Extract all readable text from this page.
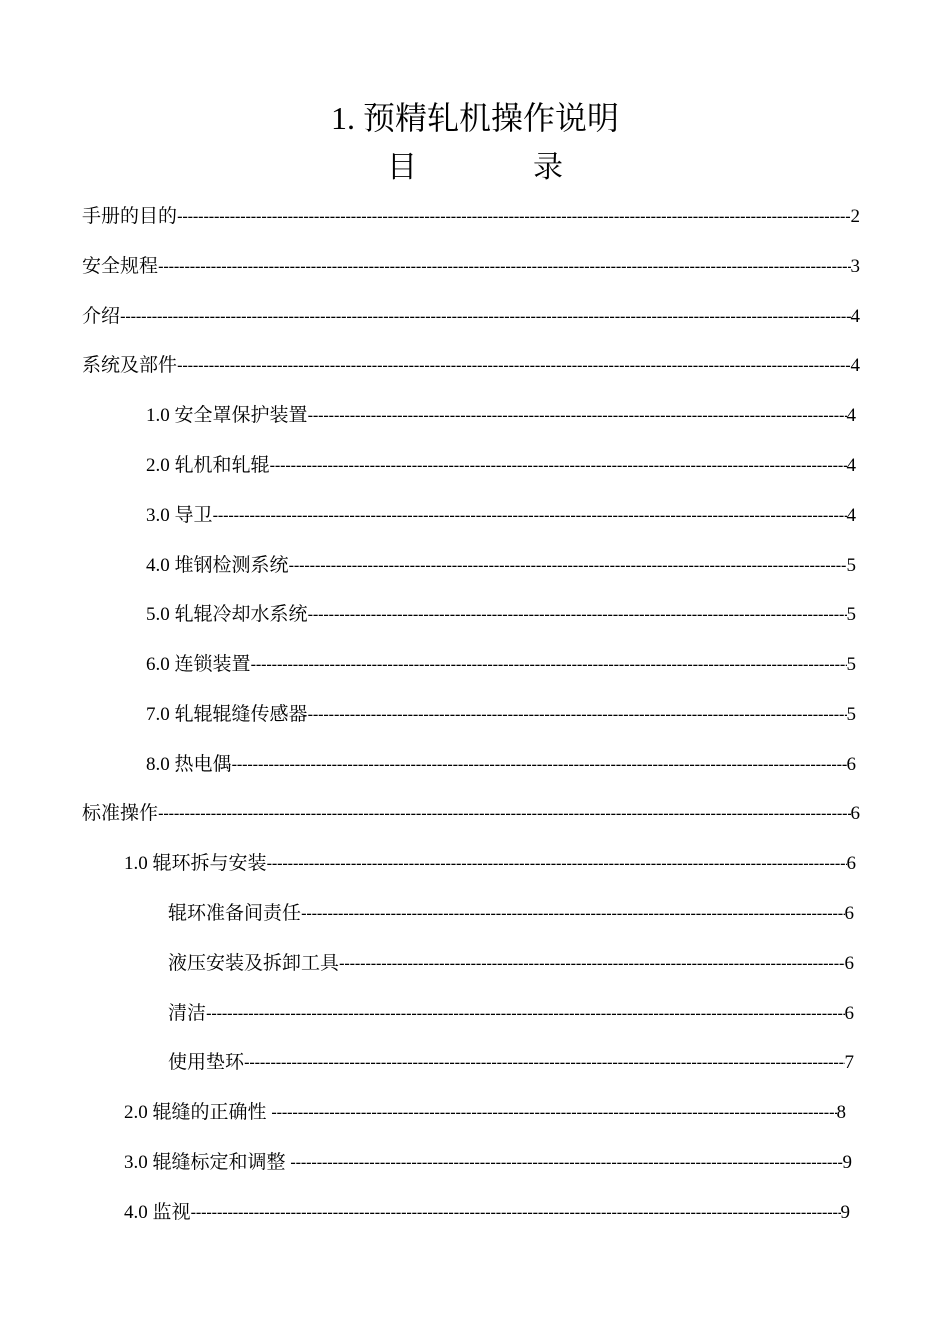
1. 预精轧机操作说明
目	录
手册的目的 -----	2
安全规程 -----	3
介绍 -----	4
系统及部件 -----	4
1.0 安全罩保护装置 -----	4
2.0 轧机和轧辊 -----	4
3.0 导卫 -----	4
4.0 堆钢检测系统 -----	5
5.0 轧辊冷却水系统 -----	5
6.0 连锁装置 -----	5
7.0 轧辊辊缝传感器 -----	5
8.0 热电偶 -----	6
标准操作 -----	6
1.0 辊环拆与安装 -----	6
辊环准备间责任 -----	6
液压安装及拆卸工具 -----	6
清洁 -----	6
使用垫环 -----	7
2.0 辊缝的正确性 -----	8
3.0 辊缝标定和调整 -----	9
4.0 监视 -----	9
